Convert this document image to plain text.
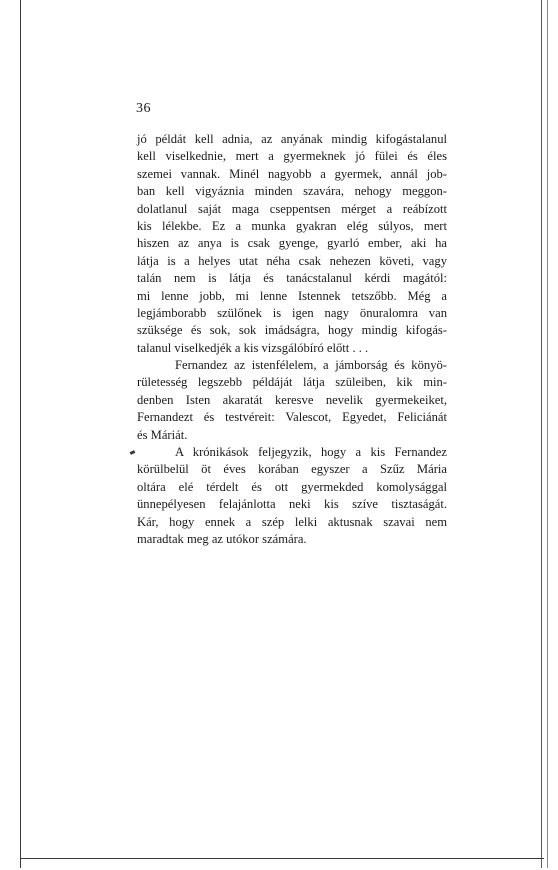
36
jó példát kell adnia, az anyának mindig kifogástalanul
kell viselkednie, mert a gyermeknek jó fülei és éles
szemei vannak. Minél nagyobb a gyermek, annál job-
ban kell vigyáznia minden szavára, nehogy meggon-
dolatlanul saját maga cseppentsen mérget a reábízott
kis lélekbe. Ez a munka gyakran elég súlyos, mert
hiszen az anya is csak gyenge, gyarló ember, aki ha
látja is a helyes utat néha csak nehezen követi, vagy
talán nem is látja és tanácstalanul kérdi magától:
mi lenne jobb, mi lenne Istennek tetszőbb. Még a
legjámborabb szülőnek is igen nagy önuralomra van
szüksége és sok, sok imádságra, hogy mindig kifogás-
talanul viselkedjék a kis vizsgálóbíró előtt . . .
Fernandez az istenfélelem, a jámborság és könyö-
rületesség legszebb példáját látja szüleiben, kik min-
denben Isten akaratát keresve nevelik gyermekeiket,
Fernandezt és testvéreit: Valescot, Egyedet, Feliciánát
és Máriát.
A krónikások feljegyzik, hogy a kis Fernandez
körülbelül öt éves korában egyszer a Szűz Mária
oltára elé térdelt és ott gyermekded komolysággal
ünnepélyesen felajánlotta neki kis szíve tisztaságát.
Kár, hogy ennek a szép lelki aktusnak szavai nem
maradtak meg az utókor számára.
